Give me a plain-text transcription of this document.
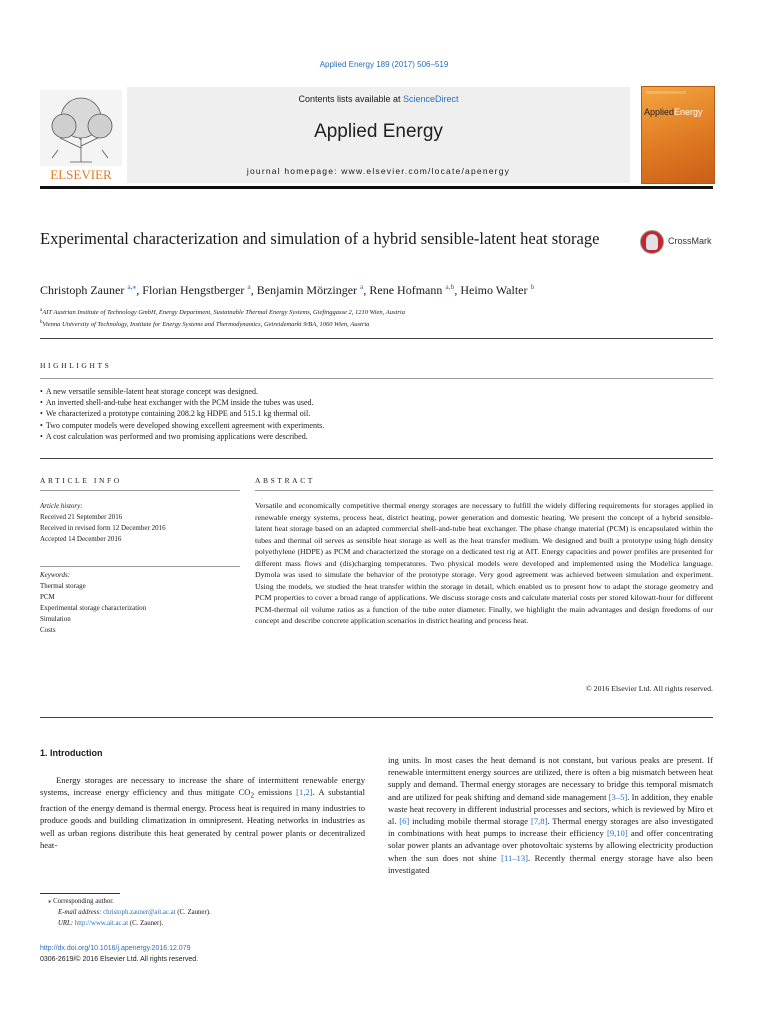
Applied Energy 189 (2017) 506–519
ELSEVIER
Contents lists available at ScienceDirect
Applied Energy
journal homepage: www.elsevier.com/locate/apenergy
AppliedEnergy
Experimental characterization and simulation of a hybrid sensible-latent heat storage	CrossMark
Christoph Zauner $^{a,⁎}$, Florian Hengstberger $^a$, Benjamin Mörzinger $^a$, Rene Hofmann $^{a,b}$, Heimo Walter $^b$
$^a$AIT Austrian Institute of Technology GmbH, Energy Department, Sustainable Thermal Energy Systems, Giefinggasse 2, 1210 Wien, Austria
$^b$Vienna University of Technology, Institute for Energy Systems and Thermodynamics, Getreidemarkt 9/BA, 1060 Wien, Austria
HIGHLIGHTS
• A new versatile sensible-latent heat storage concept was designed.
• An inverted shell-and-tube heat exchanger with the PCM inside the tubes was used.
• We characterized a prototype containing 208.2 kg HDPE and 515.1 kg thermal oil.
• Two computer models were developed showing excellent agreement with experiments.
• A cost calculation was performed and two promising applications were described.
ARTICLE INFO
Article history:
Received 21 September 2016
Received in revised form 12 December 2016
Accepted 14 December 2016
Keywords:
Thermal storage
PCM
Experimental storage characterization
Simulation
Costs
ABSTRACT
Versatile and economically competitive thermal energy storages are necessary to fulfill the widely differing requirements for storages applied in renewable energy systems, process heat, district heating, power generation and domestic heating. We present the concept of a hybrid sensible-latent heat storage based on an adapted commercial shell-and-tube heat exchanger. The phase change material (PCM) is encapsulated within the tubes and thermal oil serves as sensible heat storage as well as the heat transfer medium. We designed and built a prototype using high density polyethylene (HDPE) as PCM and characterized the storage on a dedicated test rig at AIT. Energy capacities and power profiles are presented for different mass flows and (dis)charging temperatures. Two physical models were developed and implemented using the Modelica language. Dymola was used to simulate the behavior of the prototype storage. Very good agreement was achieved between simulation and experiment. Using the models, we studied the heat transfer within the storage in detail, which enabled us to present how to adapt the storage geometry and PCM properties to cover a broad range of applications. We discuss storage costs and calculate material costs per stored kilowatt-hour for different PCM-thermal oil volume ratios as a function of the tube outer diameter. Finally, we highlight the main advantages and design freedoms of our concept and describe concrete application scenarios in district heating and process heat.
© 2016 Elsevier Ltd. All rights reserved.
1. Introduction
Energy storages are necessary to increase the share of intermittent renewable energy systems, increase energy efficiency and thus mitigate $CO_2$ emissions [1,2]. A substantial fraction of the energy demand is thermal energy. Process heat is required in many industries to produce goods and building climatization in omnipresent. Heating networks in industries as well as urban regions distribute this heat generated by central power plants or decentralized heat-
ing units. In most cases the heat demand is not constant, but various peaks are present. If renewable intermittent energy sources are utilized, there is often a big mismatch between heat supply and demand. Thermal energy storages are necessary to bridge this temporal mismatch and are utilized for peak shifting and demand side management [3–5]. In addition, they enable waste heat recovery in different industrial processes and sectors, which is reviewed by Miro et al. [6] including mobile thermal storage [7,8]. Thermal energy storages are also investigated in combinations with heat pumps to increase their efficiency [9,10] and offer concentrating solar power plants an advantage over photovoltaic systems by allowing electricity production when the sun does not shine [11–13]. Recently thermal energy storage have also been investigated
⁎ Corresponding author.
E-mail address: christoph.zauner@ait.ac.at (C. Zauner).
URL: http://www.ait.ac.at (C. Zauner).
http://dx.doi.org/10.1016/j.apenergy.2016.12.079
0306-2619/© 2016 Elsevier Ltd. All rights reserved.
